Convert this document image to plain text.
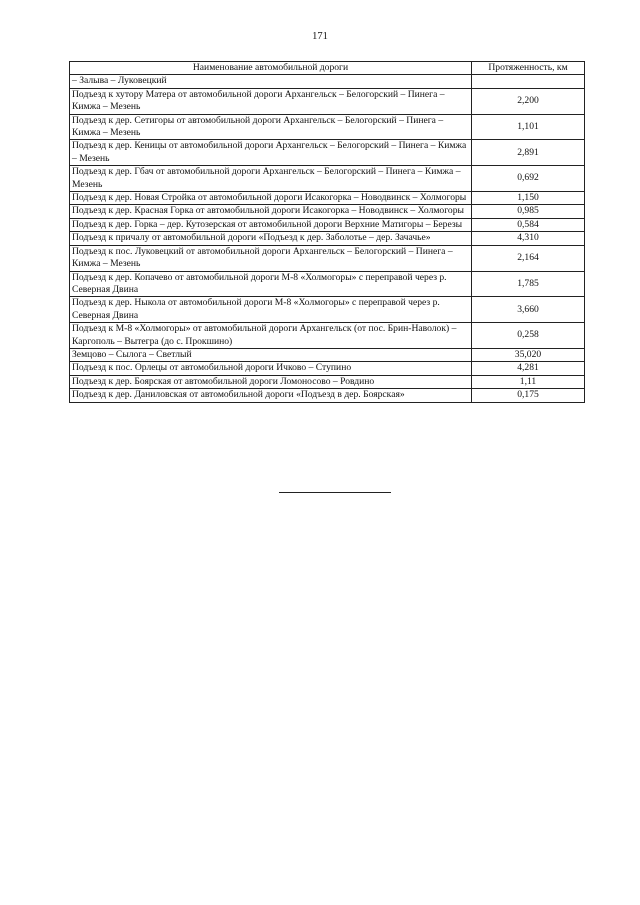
171
Наименование автомобильной дороги	Протяженность, км
– Залыва – Луковецкий	
Подъезд к хутору Матера от автомобильной дороги Архангельск – Белогорский – Пинега – Кимжа – Мезень	2,200
Подъезд к дер. Сетигоры от автомобильной дороги Архангельск – Белогорский – Пинега – Кимжа – Мезень	1,101
Подъезд к дер. Кеницы от автомобильной дороги Архангельск – Белогорский – Пинега – Кимжа – Мезень	2,891
Подъезд к дер. Гбач от автомобильной дороги Архангельск – Белогорский – Пинега – Кимжа – Мезень	0,692
Подъезд к дер. Новая Стройка от автомобильной дороги Исакогорка – Новодвинск – Холмогоры	1,150
Подъезд к дер. Красная Горка от автомобильной дороги Исакогорка – Новодвинск – Холмогоры	0,985
Подъезд к дер. Горка – дер. Кутозерская от автомобильной дороги Верхние Матигоры – Березы	0,584
Подъезд к причалу от автомобильной дороги «Подъезд к дер. Заболотье – дер. Зачачье»	4,310
Подъезд к пос. Луковецкий от автомобильной дороги Архангельск – Белогорский – Пинега – Кимжа – Мезень	2,164
Подъезд к дер. Копачево от автомобильной дороги М-8 «Холмогоры» с переправой через р. Северная Двина	1,785
Подъезд к дер. Ныкола от автомобильной дороги М-8 «Холмогоры» с переправой через р. Северная Двина	3,660
Подъезд к М-8 «Холмогоры» от автомобильной дороги Архангельск (от пос. Брин-Наволок) – Каргополь – Вытегра (до с. Прокшино)	0,258
Земцово – Сылога – Светлый	35,020
Подъезд к пос. Орлецы от автомобильной дороги Ичково – Ступино	4,281
Подъезд к дер. Боярская от автомобильной дороги Ломоносово – Ровдино	1,11
Подъезд к дер. Даниловская от автомобильной дороги «Подъезд в дер. Боярская»	0,175
